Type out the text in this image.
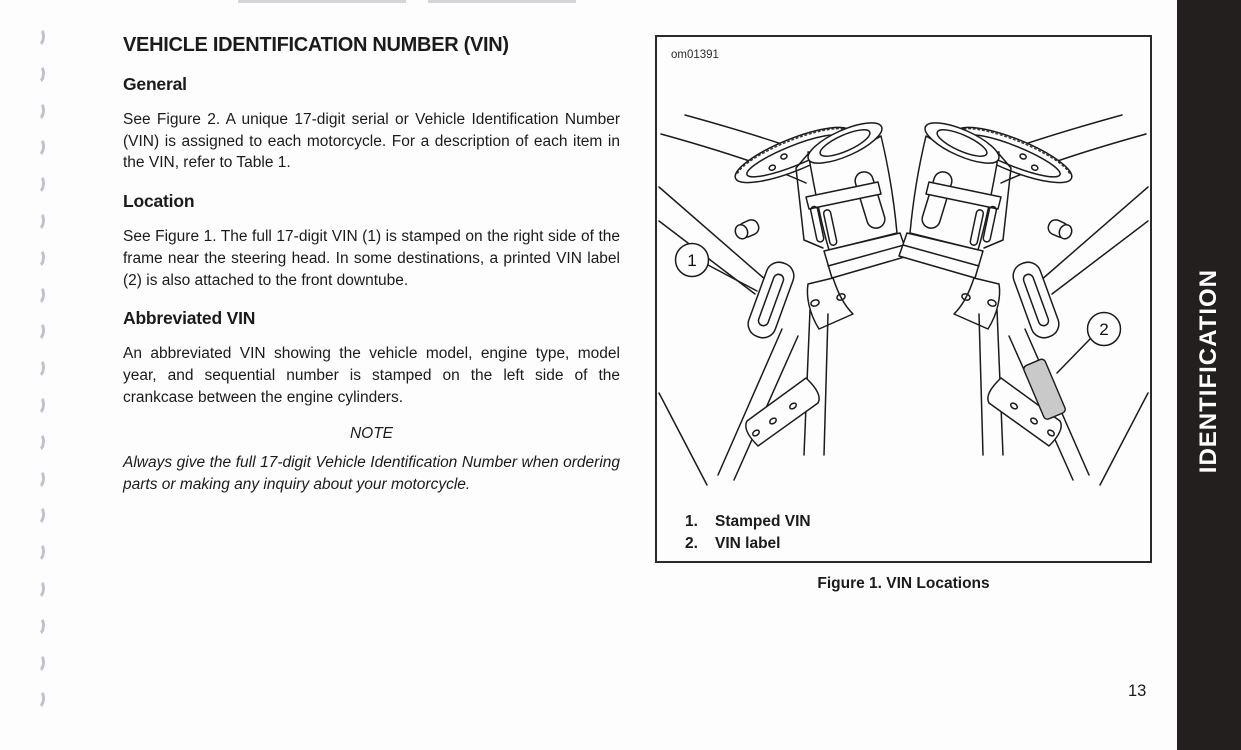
VEHICLE IDENTIFICATION NUMBER (VIN)
General

See Figure 2. A unique 17-digit serial or Vehicle Identification Number (VIN) is assigned to each motorcycle. For a description of each item in the VIN, refer to Table 1.

Location

See Figure 1. The full 17-digit VIN (1) is stamped on the right side of the frame near the steering head. In some destinations, a printed VIN label (2) is also attached to the front downtube.

Abbreviated VIN

An abbreviated VIN showing the vehicle model, engine type, model year, and sequential number is stamped on the left side of the crankcase between the engine cylinders.

NOTE

Always give the full 17-digit Vehicle Identification Number when ordering parts or making any inquiry about your motorcycle.

1
2
om01391
1.	Stamped VIN
2.	VIN label
Figure 1. VIN Locations
IDENTIFICATION
13
